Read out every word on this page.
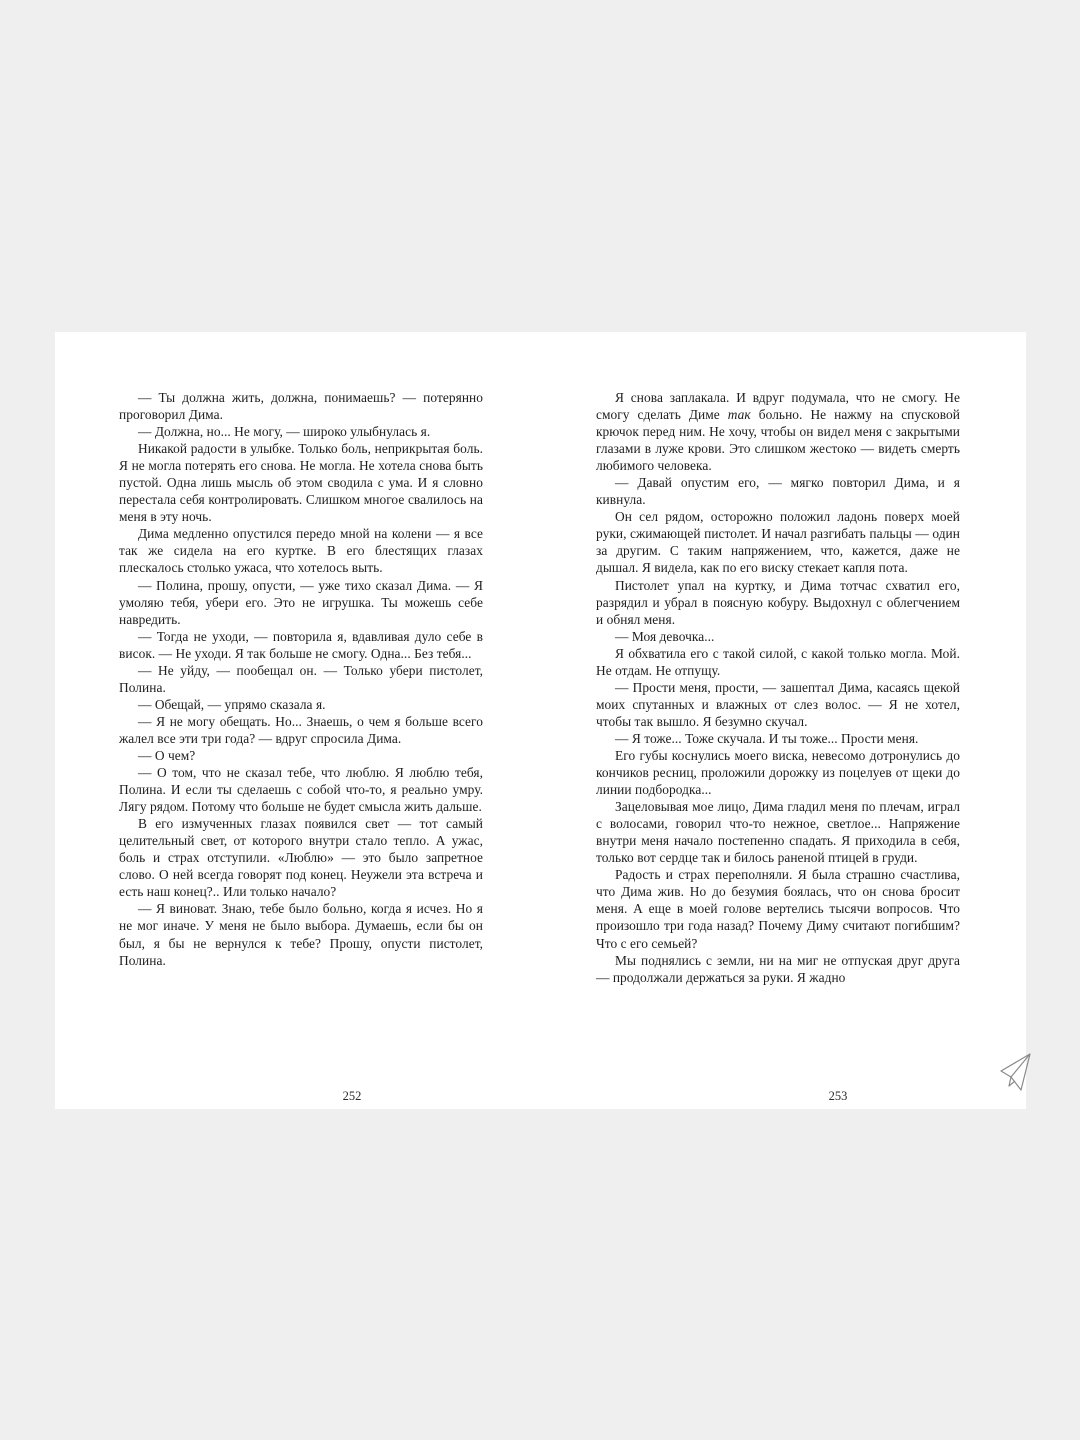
— Ты должна жить, должна, понимаешь? — потерянно проговорил Дима.

— Должна, но... Не могу, — широко улыбнулась я.

Никакой радости в улыбке. Только боль, неприкрытая боль. Я не могла потерять его снова. Не могла. Не хотела снова быть пустой. Одна лишь мысль об этом сводила с ума. И я словно перестала себя контролировать. Слишком многое свалилось на меня в эту ночь.

Дима медленно опустился передо мной на колени — я все так же сидела на его куртке. В его блестящих глазах плескалось столько ужаса, что хотелось выть.

— Полина, прошу, опусти, — уже тихо сказал Дима. — Я умоляю тебя, убери его. Это не игрушка. Ты можешь себе навредить.

— Тогда не уходи, — повторила я, вдавливая дуло себе в висок. — Не уходи. Я так больше не смогу. Одна... Без тебя...

— Не уйду, — пообещал он. — Только убери пистолет, Полина.

— Обещай, — упрямо сказала я.

— Я не могу обещать. Но... Знаешь, о чем я больше всего жалел все эти три года? — вдруг спросила Дима.

— О чем?

— О том, что не сказал тебе, что люблю. Я люблю тебя, Полина. И если ты сделаешь с собой что-то, я реально умру. Лягу рядом. Потому что больше не будет смысла жить дальше.

В его измученных глазах появился свет — тот самый целительный свет, от которого внутри стало тепло. А ужас, боль и страх отступили. «Люблю» — это было запретное слово. О ней всегда говорят под конец. Неужели эта встреча и есть наш конец?.. Или только начало?

— Я виноват. Знаю, тебе было больно, когда я исчез. Но я не мог иначе. У меня не было выбора. Думаешь, если бы он был, я бы не вернулся к тебе? Прошу, опусти пистолет, Полина.

Я снова заплакала. И вдруг подумала, что не смогу. Не смогу сделать Диме так больно. Не нажму на спусковой крючок перед ним. Не хочу, чтобы он видел меня с закрытыми глазами в луже крови. Это слишком жестоко — видеть смерть любимого человека.

— Давай опустим его, — мягко повторил Дима, и я кивнула.

Он сел рядом, осторожно положил ладонь поверх моей руки, сжимающей пистолет. И начал разгибать пальцы — один за другим. С таким напряжением, что, кажется, даже не дышал. Я видела, как по его виску стекает капля пота.

Пистолет упал на куртку, и Дима тотчас схватил его, разрядил и убрал в поясную кобуру. Выдохнул с облегчением и обнял меня.

— Моя девочка...

Я обхватила его с такой силой, с какой только могла. Мой. Не отдам. Не отпущу.

— Прости меня, прости, — зашептал Дима, касаясь щекой моих спутанных и влажных от слез волос. — Я не хотел, чтобы так вышло. Я безумно скучал.

— Я тоже... Тоже скучала. И ты тоже... Прости меня.

Его губы коснулись моего виска, невесомо дотронулись до кончиков ресниц, проложили дорожку из поцелуев от щеки до линии подбородка...

Зацеловывая мое лицо, Дима гладил меня по плечам, играл с волосами, говорил что-то нежное, светлое... Напряжение внутри меня начало постепенно спадать. Я приходила в себя, только вот сердце так и билось раненой птицей в груди.

Радость и страх переполняли. Я была страшно счастлива, что Дима жив. Но до безумия боялась, что он снова бросит меня. А еще в моей голове вертелись тысячи вопросов. Что произошло три года назад? Почему Диму считают погибшим? Что с его семьей?

Мы поднялись с земли, ни на миг не отпуская друг друга — продолжали держаться за руки. Я жадно

252	253
